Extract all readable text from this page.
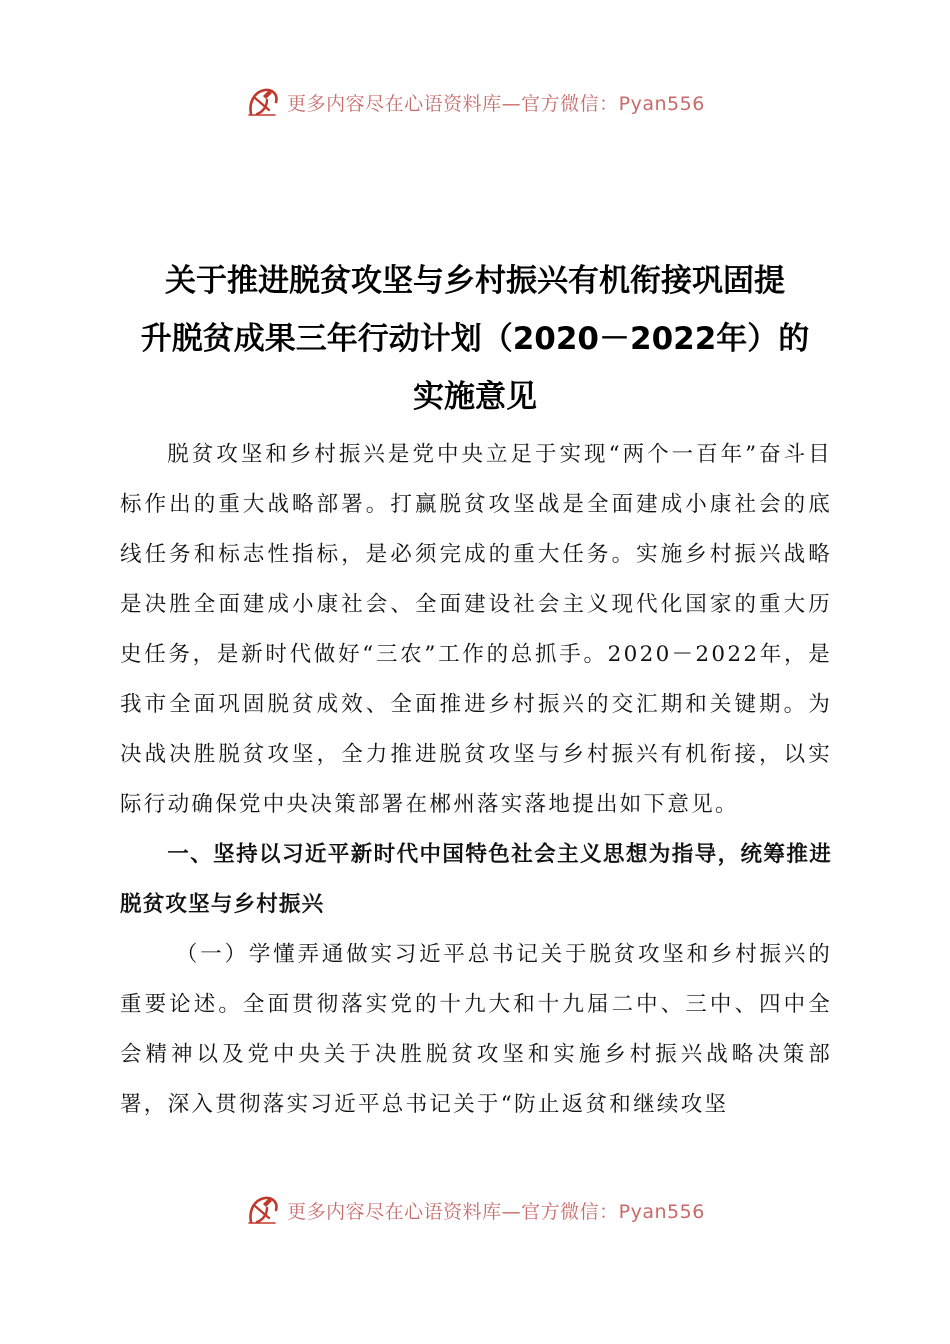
更多内容尽在心语资料库—官方微信：Pyan556
关于推进脱贫攻坚与乡村振兴有机衔接巩固提
升脱贫成果三年行动计划（2020－2022年）的
实施意见

脱贫攻坚和乡村振兴是党中央立足于实现“两个一百年”奋斗目标作出的重大战略部署。打赢脱贫攻坚战是全面建成小康社会的底线任务和标志性指标，是必须完成的重大任务。实施乡村振兴战略是决胜全面建成小康社会、全面建设社会主义现代化国家的重大历史任务，是新时代做好“三农”工作的总抓手。2020－2022年，是我市全面巩固脱贫成效、全面推进乡村振兴的交汇期和关键期。为决战决胜脱贫攻坚，全力推进脱贫攻坚与乡村振兴有机衔接，以实际行动确保党中央决策部署在郴州落实落地提出如下意见。

一、坚持以习近平新时代中国特色社会主义思想为指导，统筹推进脱贫攻坚与乡村振兴

（一）学懂弄通做实习近平总书记关于脱贫攻坚和乡村振兴的重要论述。全面贯彻落实党的十九大和十九届二中、三中、四中全会精神以及党中央关于决胜脱贫攻坚和实施乡村振兴战略决策部署，深入贯彻落实习近平总书记关于“防止返贫和继续攻坚

更多内容尽在心语资料库—官方微信：Pyan556
